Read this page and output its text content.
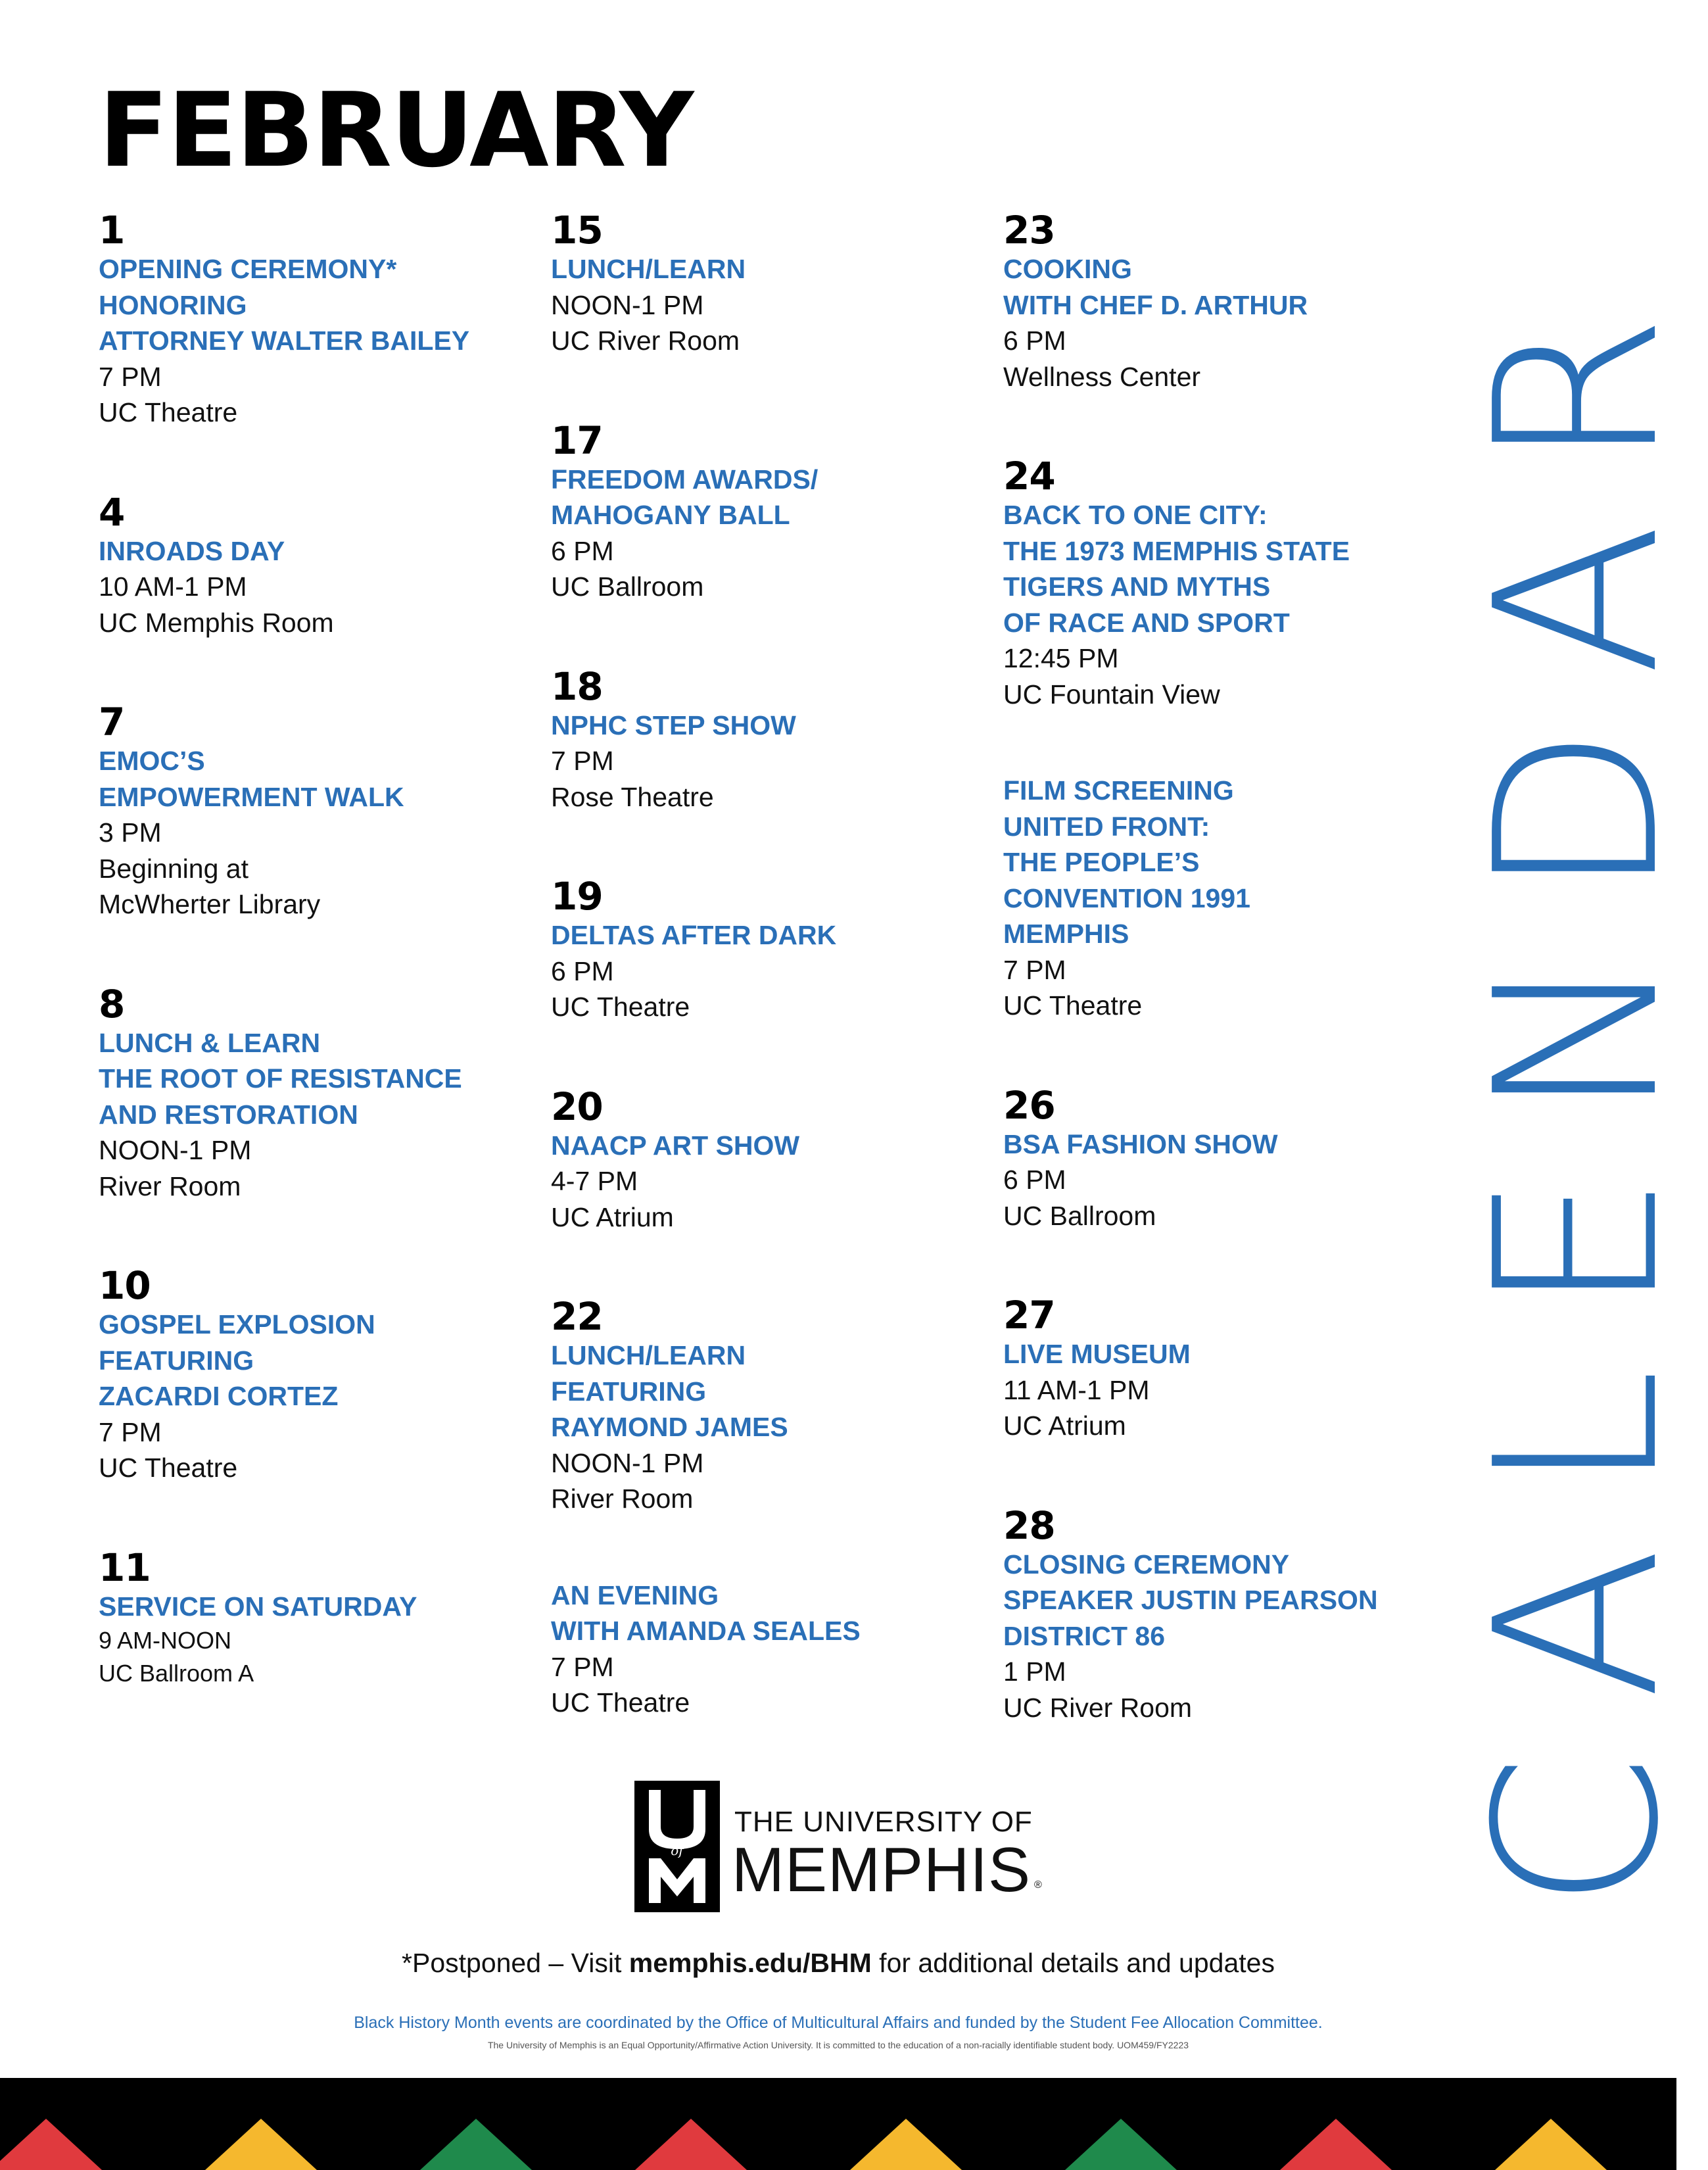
FEBRUARY
1
OPENING CEREMONY*
HONORING
ATTORNEY WALTER BAILEY
7 PM
UC Theatre
4
INROADS DAY
10 AM-1 PM
UC Memphis Room
7
EMOC’S
EMPOWERMENT WALK
3 PM
Beginning at
McWherter Library
8
LUNCH & LEARN
THE ROOT OF RESISTANCE
AND RESTORATION
NOON-1 PM
River Room
10
GOSPEL EXPLOSION
FEATURING
ZACARDI CORTEZ
7 PM
UC Theatre
11
SERVICE ON SATURDAY
9 AM-NOON
UC Ballroom A
15
LUNCH/LEARN
NOON-1 PM
UC River Room
17
FREEDOM AWARDS/
MAHOGANY BALL
6 PM
UC Ballroom
18
NPHC STEP SHOW
7 PM
Rose Theatre
19
DELTAS AFTER DARK
6 PM
UC Theatre
20
NAACP ART SHOW
4-7 PM
UC Atrium
22
LUNCH/LEARN
FEATURING
RAYMOND JAMES
NOON-1 PM
River Room
AN EVENING
WITH AMANDA SEALES
7 PM
UC Theatre
23
COOKING
WITH CHEF D. ARTHUR
6 PM
Wellness Center
24
BACK TO ONE CITY:
THE 1973 MEMPHIS STATE
TIGERS AND MYTHS
OF RACE AND SPORT
12:45 PM
UC Fountain View
FILM SCREENING
UNITED FRONT:
THE PEOPLE’S
CONVENTION 1991
MEMPHIS
7 PM
UC Theatre
26
BSA FASHION SHOW
6 PM
UC Ballroom
27
LIVE MUSEUM
11 AM-1 PM
UC Atrium
28
CLOSING CEREMONY
SPEAKER JUSTIN PEARSON
DISTRICT 86
1 PM
UC River Room	CALENDAR
of
THE UNIVERSITY OF
MEMPHIS ®
*Postponed – Visit memphis.edu/BHM for additional details and updates
Black History Month events are coordinated by the Office of Multicultural Affairs and funded by the Student Fee Allocation Committee.
The University of Memphis is an Equal Opportunity/Affirmative Action University. It is committed to the education of a non-racially identifiable student body. UOM459/FY2223
